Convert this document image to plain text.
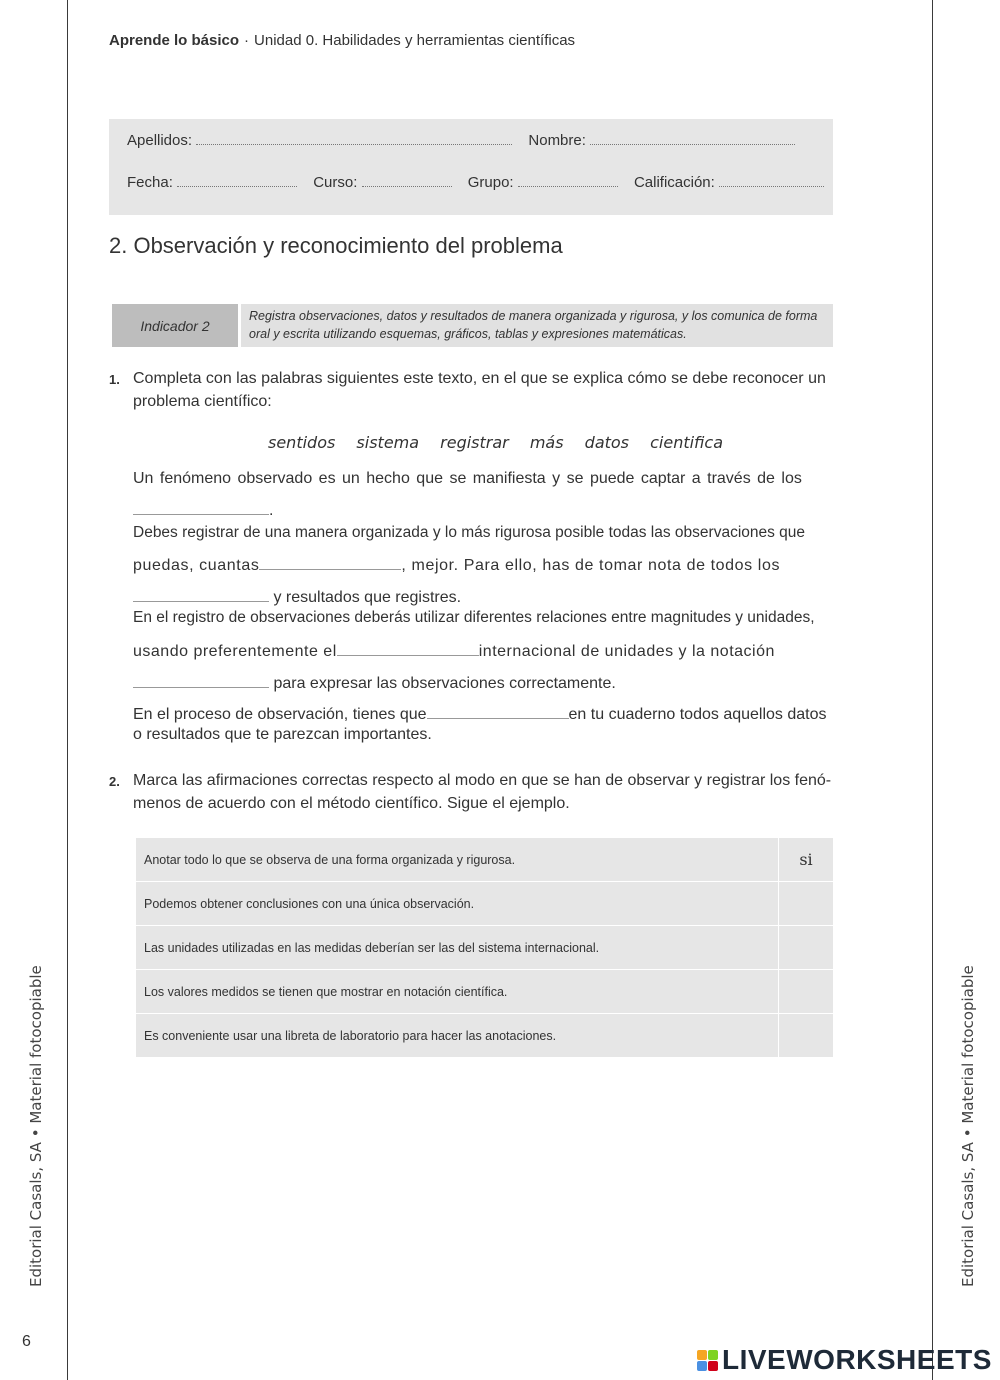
Editorial Casals, SA • Material fotocopiable	Editorial Casals, SA • Material fotocopiable
6
Aprende lo básico · Unidad 0. Habilidades y herramientas científicas
Apellidos:	Nombre:
Fecha:	Curso:	Grupo:	Calificación:
2. Observación y reconocimiento del problema
Indicador 2
Registra observaciones, datos y resultados de manera organizada y rigurosa, y los comunica de forma oral y escrita utilizando esquemas, gráficos, tablas y expresiones matemáticas.
1. Completa con las palabras siguientes este texto, en el que se explica cómo se debe reconocer un problema científico:
sentidos sistema registrar más datos cientifica
Un fenómeno observado es un hecho que se manifiesta y se puede captar a través de los
.
Debes registrar de una manera organizada y lo más rigurosa posible todas las observaciones que
puedas, cuantas	, mejor. Para ello, has de tomar nota de todos los
y resultados que registres.
En el registro de observaciones deberás utilizar diferentes relaciones entre magnitudes y unidades,
usando preferentemente el	internacional de unidades y la notación
para expresar las observaciones correctamente.
En el proceso de observación, tienes que	en tu cuaderno todos aquellos datos
o resultados que te parezcan importantes.
2. Marca las afirmaciones correctas respecto al modo en que se han de observar y registrar los fenó-menos de acuerdo con el método científico. Sigue el ejemplo.
Anotar todo lo que se observa de una forma organizada y rigurosa.	si
Podemos obtener conclusiones con una única observación.
Las unidades utilizadas en las medidas deberían ser las del sistema internacional.
Los valores medidos se tienen que mostrar en notación científica.
Es conveniente usar una libreta de laboratorio para hacer las anotaciones.
LIVEWORKSHEETS
